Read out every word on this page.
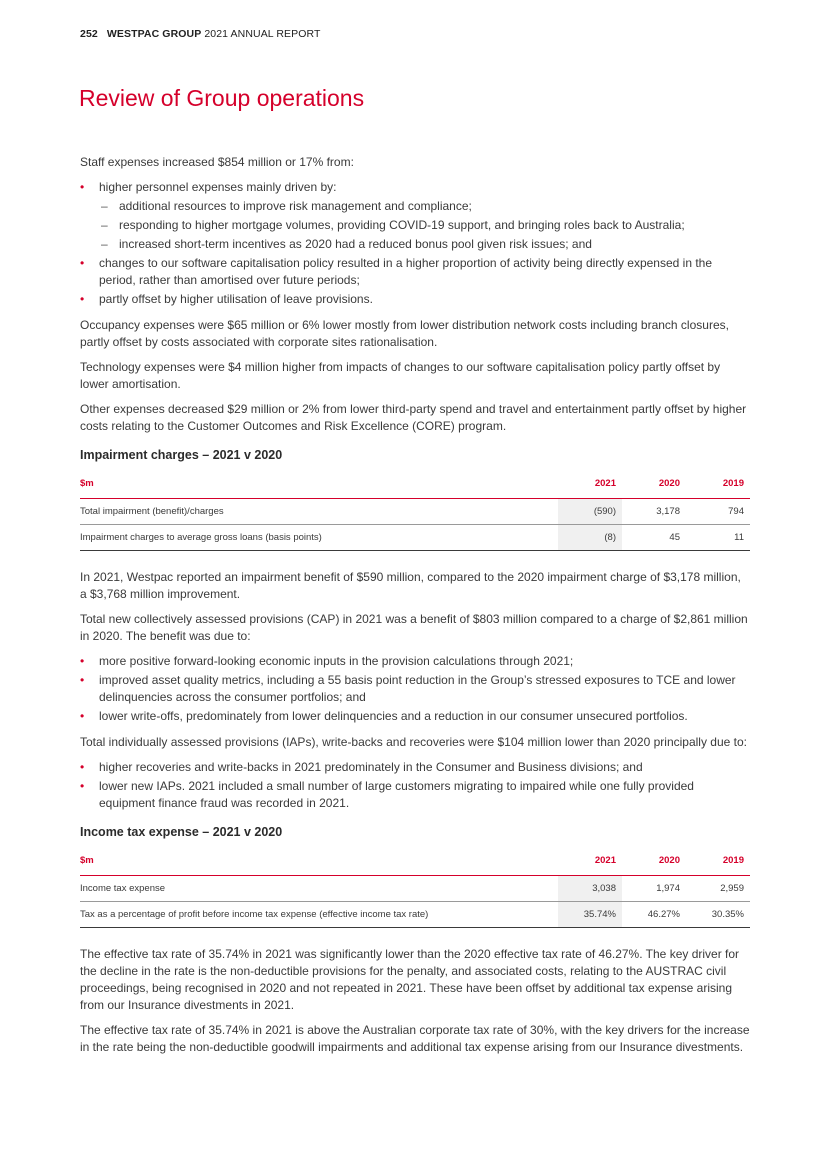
252 WESTPAC GROUP 2021 ANNUAL REPORT
Review of Group operations

Staff expenses increased $854 million or 17% from:

• higher personnel expenses mainly driven by:
– additional resources to improve risk management and compliance;
– responding to higher mortgage volumes, providing COVID-19 support, and bringing roles back to Australia;
– increased short-term incentives as 2020 had a reduced bonus pool given risk issues; and
• changes to our software capitalisation policy resulted in a higher proportion of activity being directly expensed in the period, rather than amortised over future periods;
• partly offset by higher utilisation of leave provisions.

Occupancy expenses were $65 million or 6% lower mostly from lower distribution network costs including branch closures, partly offset by costs associated with corporate sites rationalisation.

Technology expenses were $4 million higher from impacts of changes to our software capitalisation policy partly offset by lower amortisation.

Other expenses decreased $29 million or 2% from lower third-party spend and travel and entertainment partly offset by higher costs relating to the Customer Outcomes and Risk Excellence (CORE) program.

Impairment charges – 2021 v 2020
$m	2021	2020	2019
Total impairment (benefit)/charges	(590)	3,178	794
Impairment charges to average gross loans (basis points)	(8)	45	11

In 2021, Westpac reported an impairment benefit of $590 million, compared to the 2020 impairment charge of $3,178 million, a $3,768 million improvement.

Total new collectively assessed provisions (CAP) in 2021 was a benefit of $803 million compared to a charge of $2,861 million in 2020. The benefit was due to:

• more positive forward-looking economic inputs in the provision calculations through 2021;
• improved asset quality metrics, including a 55 basis point reduction in the Group’s stressed exposures to TCE and lower delinquencies across the consumer portfolios; and
• lower write-offs, predominately from lower delinquencies and a reduction in our consumer unsecured portfolios.

Total individually assessed provisions (IAPs), write-backs and recoveries were $104 million lower than 2020 principally due to:

• higher recoveries and write-backs in 2021 predominately in the Consumer and Business divisions; and
• lower new IAPs. 2021 included a small number of large customers migrating to impaired while one fully provided equipment finance fraud was recorded in 2021.
Income tax expense – 2021 v 2020
$m	2021	2020	2019
Income tax expense	3,038	1,974	2,959
Tax as a percentage of profit before income tax expense (effective income tax rate)	35.74%	46.27%	30.35%

The effective tax rate of 35.74% in 2021 was significantly lower than the 2020 effective tax rate of 46.27%. The key driver for the decline in the rate is the non-deductible provisions for the penalty, and associated costs, relating to the AUSTRAC civil proceedings, being recognised in 2020 and not repeated in 2021. These have been offset by additional tax expense arising from our Insurance divestments in 2021.

The effective tax rate of 35.74% in 2021 is above the Australian corporate tax rate of 30%, with the key drivers for the increase in the rate being the non-deductible goodwill impairments and additional tax expense arising from our Insurance divestments.
